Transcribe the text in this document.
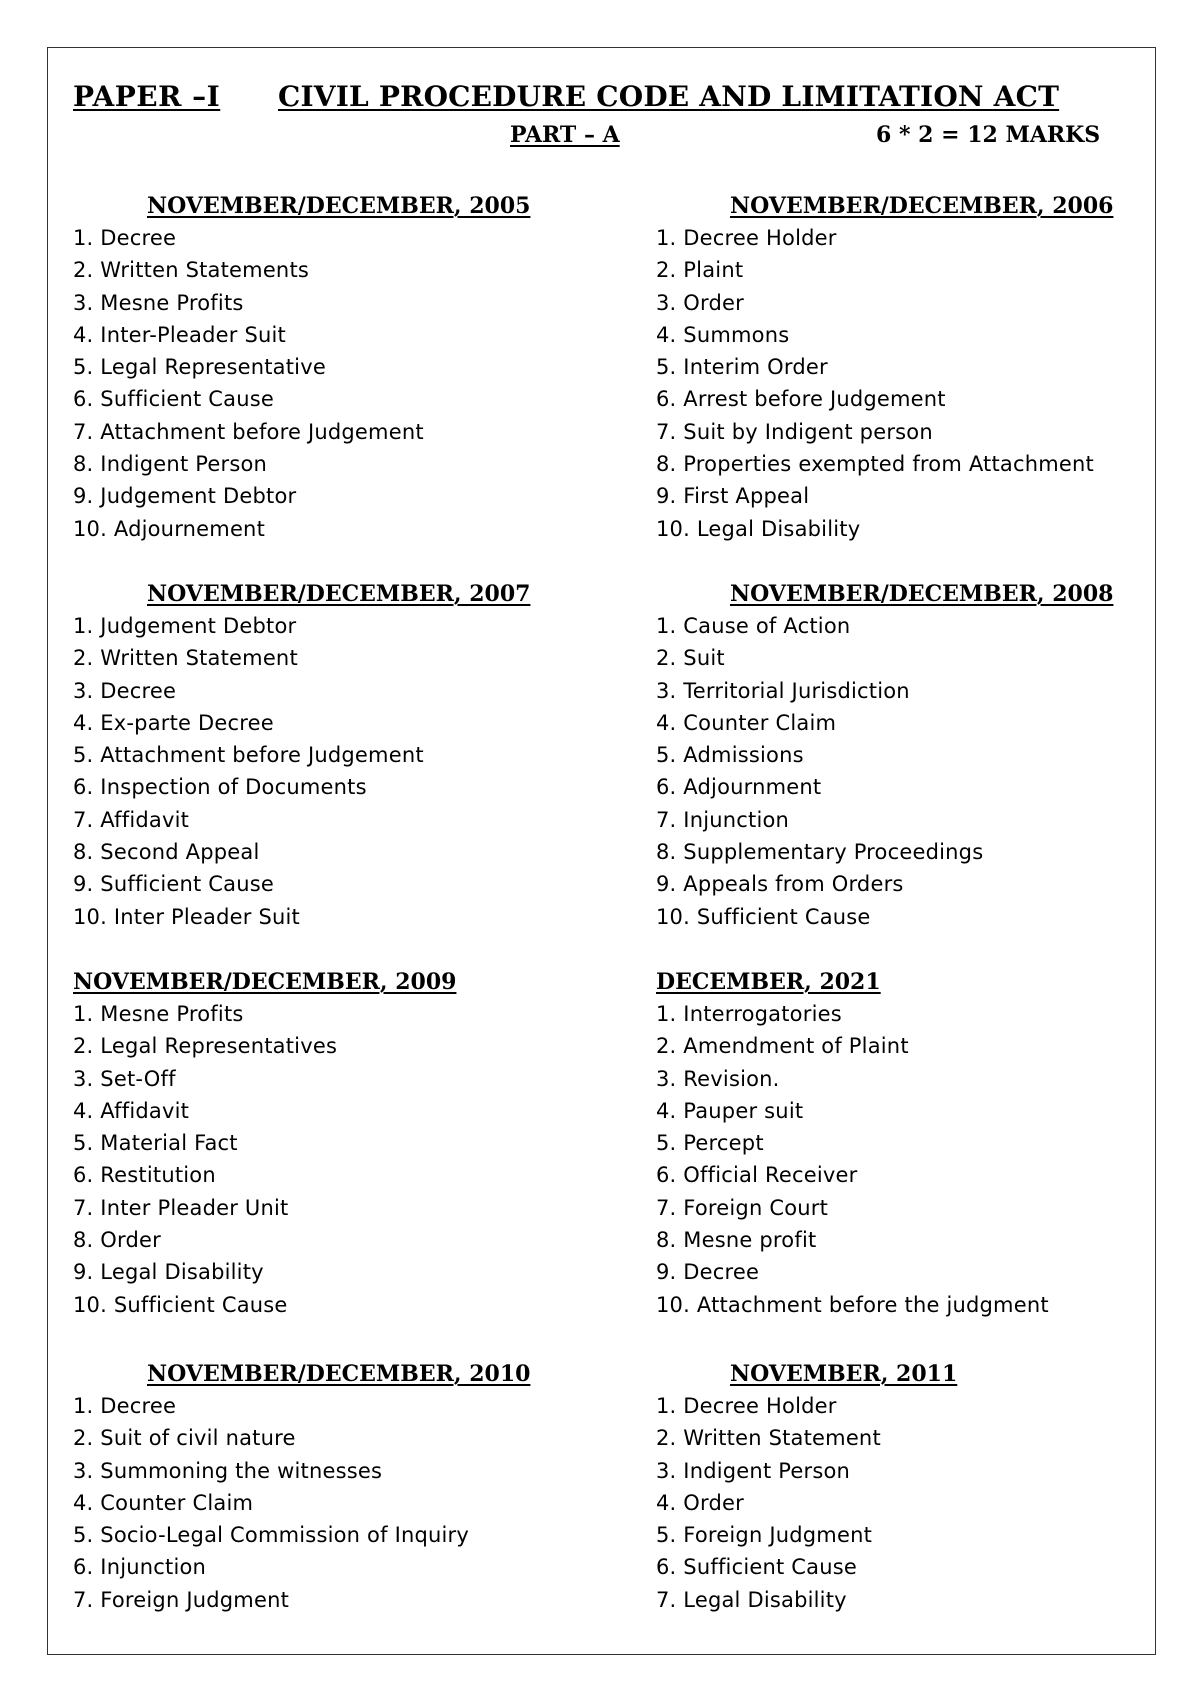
PAPER –I CIVIL PROCEDURE CODE AND LIMITATION ACT
PART – A	6 * 2 = 12 MARKS
NOVEMBER/DECEMBER, 2005
1. Decree
2. Written Statements
3. Mesne Profits
4. Inter-Pleader Suit
5. Legal Representative
6. Sufficient Cause
7. Attachment before Judgement
8. Indigent Person
9. Judgement Debtor
10. Adjournement
NOVEMBER/DECEMBER, 2006
1. Decree Holder
2. Plaint
3. Order
4. Summons
5. Interim Order
6. Arrest before Judgement
7. Suit by Indigent person
8. Properties exempted from Attachment
9. First Appeal
10. Legal Disability
NOVEMBER/DECEMBER, 2007
1. Judgement Debtor
2. Written Statement
3. Decree
4. Ex-parte Decree
5. Attachment before Judgement
6. Inspection of Documents
7. Affidavit
8. Second Appeal
9. Sufficient Cause
10. Inter Pleader Suit
NOVEMBER/DECEMBER, 2008
1. Cause of Action
2. Suit
3. Territorial Jurisdiction
4. Counter Claim
5. Admissions
6. Adjournment
7. Injunction
8. Supplementary Proceedings
9. Appeals from Orders
10. Sufficient Cause
NOVEMBER/DECEMBER, 2009
1. Mesne Profits
2. Legal Representatives
3. Set-Off
4. Affidavit
5. Material Fact
6. Restitution
7. Inter Pleader Unit
8. Order
9. Legal Disability
10. Sufficient Cause
DECEMBER, 2021
1. Interrogatories
2. Amendment of Plaint
3. Revision.
4. Pauper suit
5. Percept
6. Official Receiver
7. Foreign Court
8. Mesne profit
9. Decree
10. Attachment before the judgment
NOVEMBER/DECEMBER, 2010
1. Decree
2. Suit of civil nature
3. Summoning the witnesses
4. Counter Claim
5. Socio-Legal Commission of Inquiry
6. Injunction
7. Foreign Judgment
NOVEMBER, 2011
1. Decree Holder
2. Written Statement
3. Indigent Person
4. Order
5. Foreign Judgment
6. Sufficient Cause
7. Legal Disability
